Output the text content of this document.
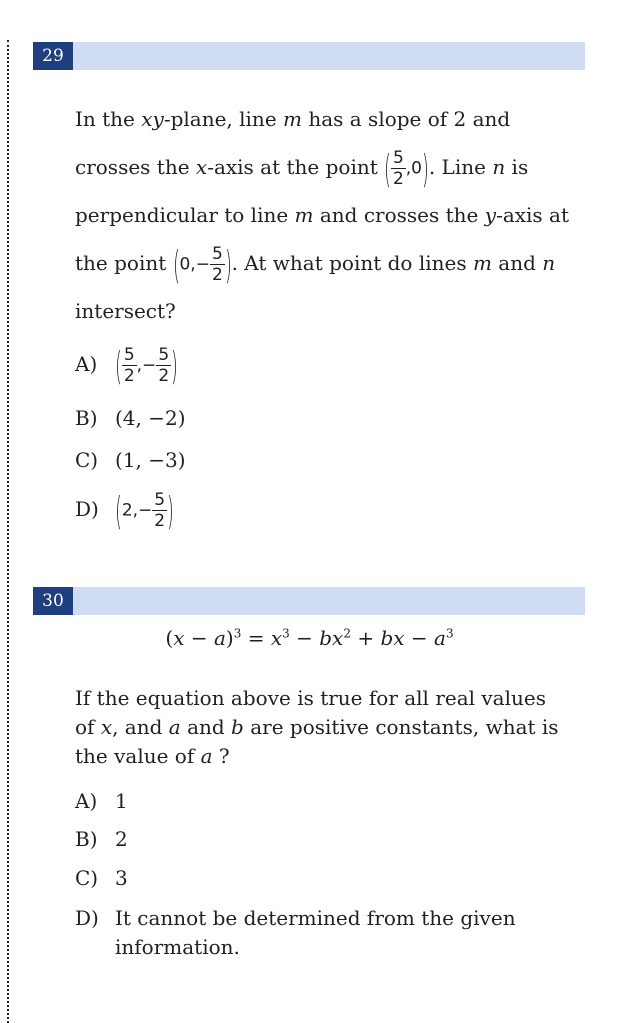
29
In the xy-plane, line m has a slope of 2 and
crosses the x-axis at the point ( $\frac{5}{2} ,0$). Line n is
perpendicular to line m and crosses the y-axis at
the point ($0,- \frac{5}{2}$ ). At what point do lines m and n
intersect?
A) ( $\frac{5}{2}$ ,− $\frac{5}{2}$ )
B) (4, −2)
C) (1, −3)
D) ($2,- \frac{5}{2}$ )
30
$(x - a)^3 = x^3 - bx^2$ + bx − $a^3$
If the equation above is true for all real values of x, and a and b are positive constants, what is the value of a ?
A) 1
B) 2
C) 3
D) It cannot be determined from the given
information.
